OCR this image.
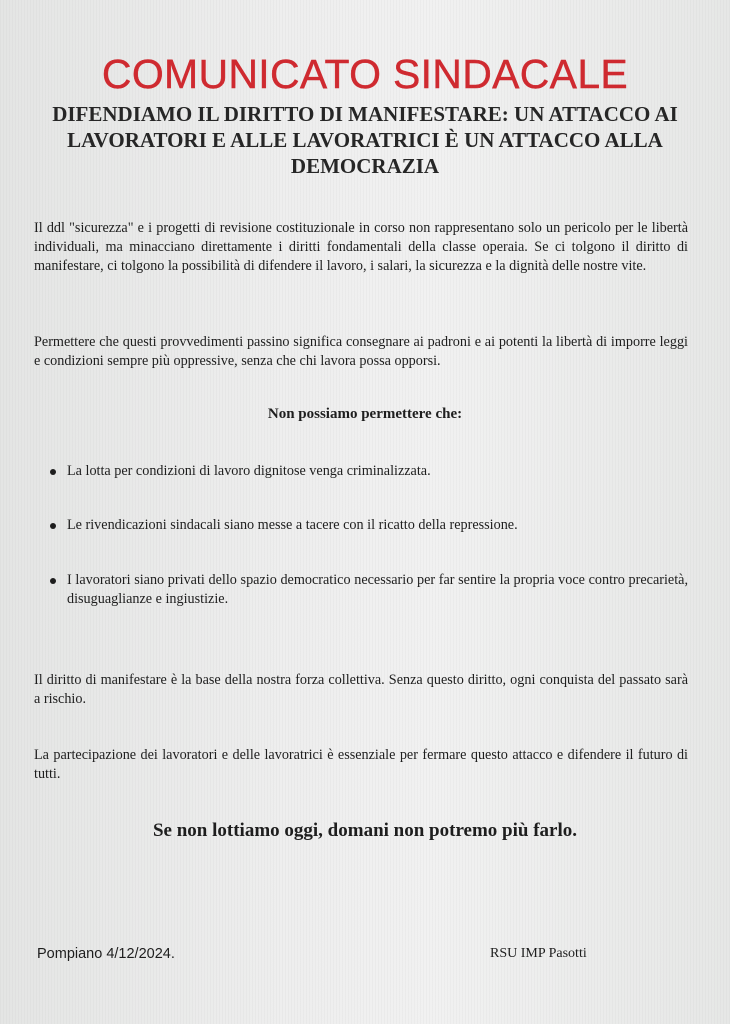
COMUNICATO SINDACALE
DIFENDIAMO IL DIRITTO DI MANIFESTARE: UN ATTACCO AI LAVORATORI E ALLE LAVORATRICI È UN ATTACCO ALLA DEMOCRAZIA
Il ddl "sicurezza" e i progetti di revisione costituzionale in corso non rappresentano solo un pericolo per le libertà individuali, ma minacciano direttamente i diritti fondamentali della classe operaia. Se ci tolgono il diritto di manifestare, ci tolgono la possibilità di difendere il lavoro, i salari, la sicurezza e la dignità delle nostre vite.
Permettere che questi provvedimenti passino significa consegnare ai padroni e ai potenti la libertà di imporre leggi e condizioni sempre più oppressive, senza che chi lavora possa opporsi.
Non possiamo permettere che:
La lotta per condizioni di lavoro dignitose venga criminalizzata.
Le rivendicazioni sindacali siano messe a tacere con il ricatto della repressione.
I lavoratori siano privati dello spazio democratico necessario per far sentire la propria voce contro precarietà, disuguaglianze e ingiustizie.
Il diritto di manifestare è la base della nostra forza collettiva. Senza questo diritto, ogni conquista del passato sarà a rischio.
La partecipazione dei lavoratori e delle lavoratrici è essenziale per fermare questo attacco e difendere il futuro di tutti.
Se non lottiamo oggi, domani non potremo più farlo.
Pompiano 4/12/2024.	RSU IMP Pasotti
